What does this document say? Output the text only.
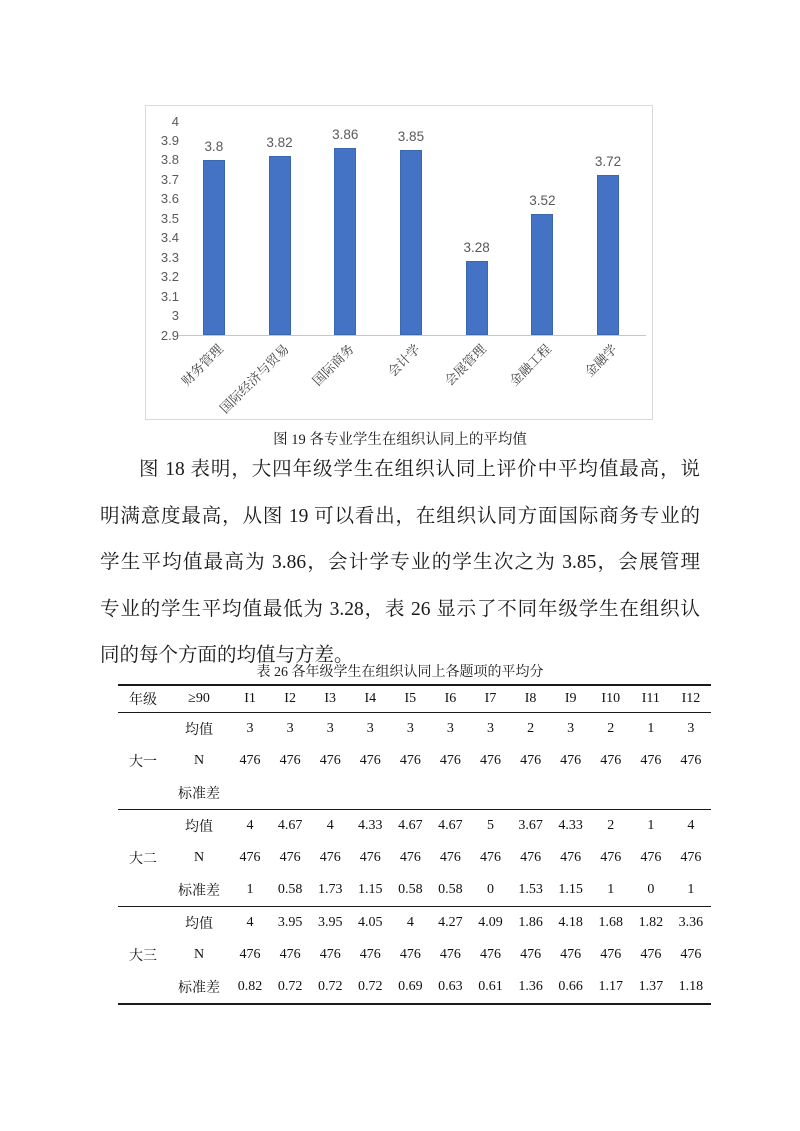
4
3.9
3.8
3.7
3.6
3.5
3.4
3.3
3.2
3.1
3
2.9
3.8
财务管理
3.82
国际经济与贸易
3.86
国际商务
3.85
会计学
3.28
会展管理
3.52
金融工程
3.72
金融学
图 19 各专业学生在组织认同上的平均值
图 18 表明，大四年级学生在组织认同上评价中平均值最高，说
明满意度最高，从图 19 可以看出，在组织认同方面国际商务专业的
学生平均值最高为 3.86，会计学专业的学生次之为 3.85，会展管理
专业的学生平均值最低为 3.28，表 26 显示了不同年级学生在组织认
同的每个方面的均值与方差。
表 26 各年级学生在组织认同上各题项的平均分
年级	≥90	I1	I2	I3	I4	I5	I6	I7	I8	I9	I10	I11	I12
	均值	3	3	3	3	3	3	3	2	3	2	1	3
大一	N	476	476	476	476	476	476	476	476	476	476	476	476
	标准差												
	均值	4	4.67	4	4.33	4.67	4.67	5	3.67	4.33	2	1	4
大二	N	476	476	476	476	476	476	476	476	476	476	476	476
	标准差	1	0.58	1.73	1.15	0.58	0.58	0	1.53	1.15	1	0	1
	均值	4	3.95	3.95	4.05	4	4.27	4.09	1.86	4.18	1.68	1.82	3.36
大三	N	476	476	476	476	476	476	476	476	476	476	476	476
	标准差	0.82	0.72	0.72	0.72	0.69	0.63	0.61	1.36	0.66	1.17	1.37	1.18
